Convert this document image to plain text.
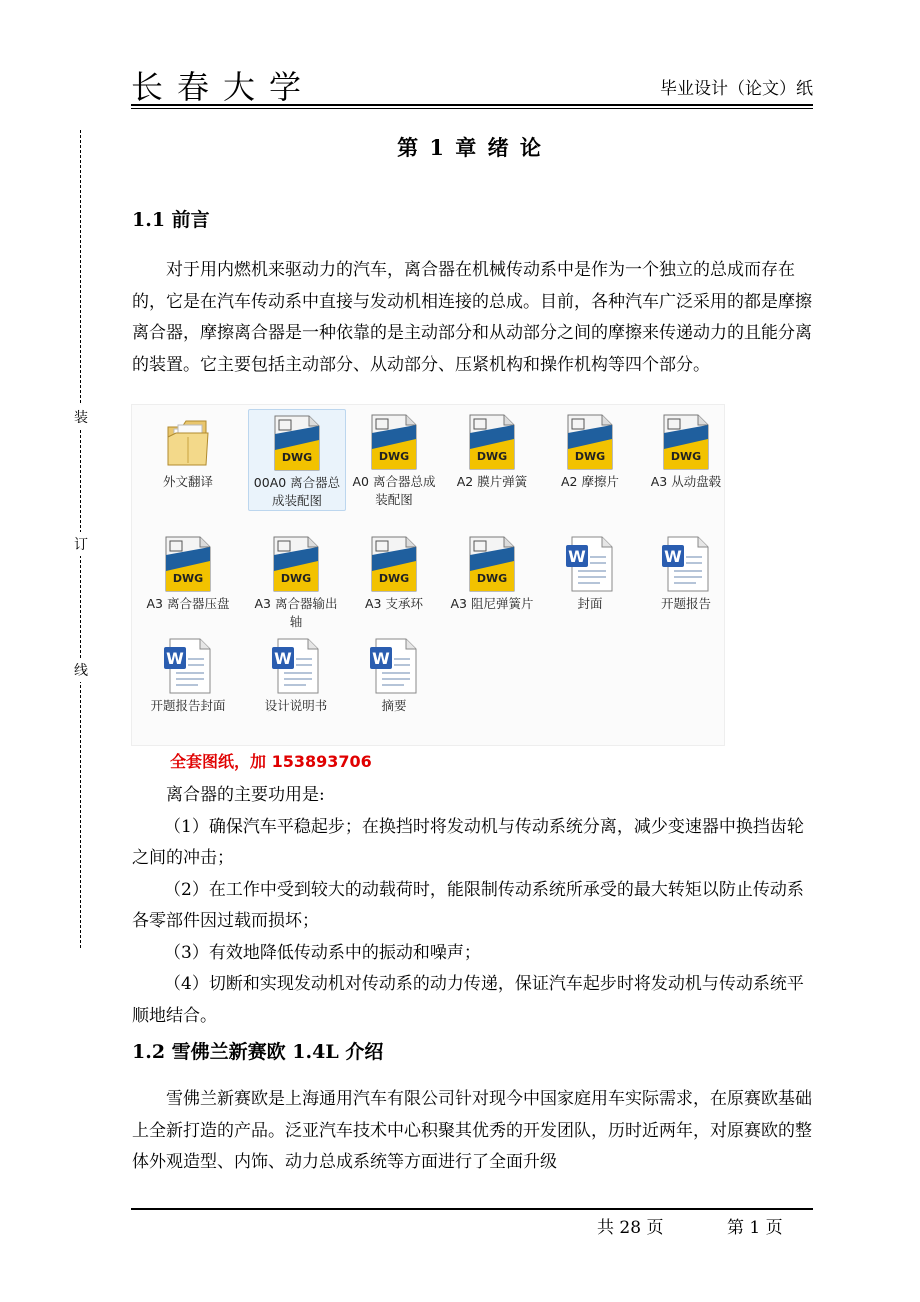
长春大学	毕业设计（论文）纸
装
订
线
第 1 章 绪 论
1.1 前言

对于用内燃机来驱动力的汽车，离合器在机械传动系中是作为一个独立的总成而存在的，它是在汽车传动系中直接与发动机相连接的总成。目前，各种汽车广泛采用的都是摩擦离合器，摩擦离合器是一种依靠的是主动部分和从动部分之间的摩擦来传递动力的且能分离的装置。它主要包括主动部分、从动部分、压紧机构和操作机构等四个部分。

外文翻译
DWG
00A0 离合器总成装配图
DWG
A0 离合器总成装配图
DWG
A2 膜片弹簧
DWG
A2 摩擦片
DWG
A3 从动盘毂
DWG
A3 离合器压盘
DWG
A3 离合器输出轴
DWG
A3 支承环
DWG
A3 阻尼弹簧片
W
封面
W
开题报告
W
开题报告封面
W
设计说明书
W
摘要
全套图纸，加 153893706

离合器的主要功用是:

（1）确保汽车平稳起步；在换挡时将发动机与传动系统分离，减少变速器中换挡齿轮之间的冲击；

（2）在工作中受到较大的动载荷时，能限制传动系统所承受的最大转矩以防止传动系各零部件因过载而损坏；

（3）有效地降低传动系中的振动和噪声；

（4）切断和实现发动机对传动系的动力传递，保证汽车起步时将发动机与传动系统平顺地结合。

1.2 雪佛兰新赛欧 1.4L 介绍

雪佛兰新赛欧是上海通用汽车有限公司针对现今中国家庭用车实际需求，在原赛欧基础上全新打造的产品。泛亚汽车技术中心积聚其优秀的开发团队，历时近两年，对原赛欧的整体外观造型、内饰、动力总成系统等方面进行了全面升级

共 28 页	第 1 页
